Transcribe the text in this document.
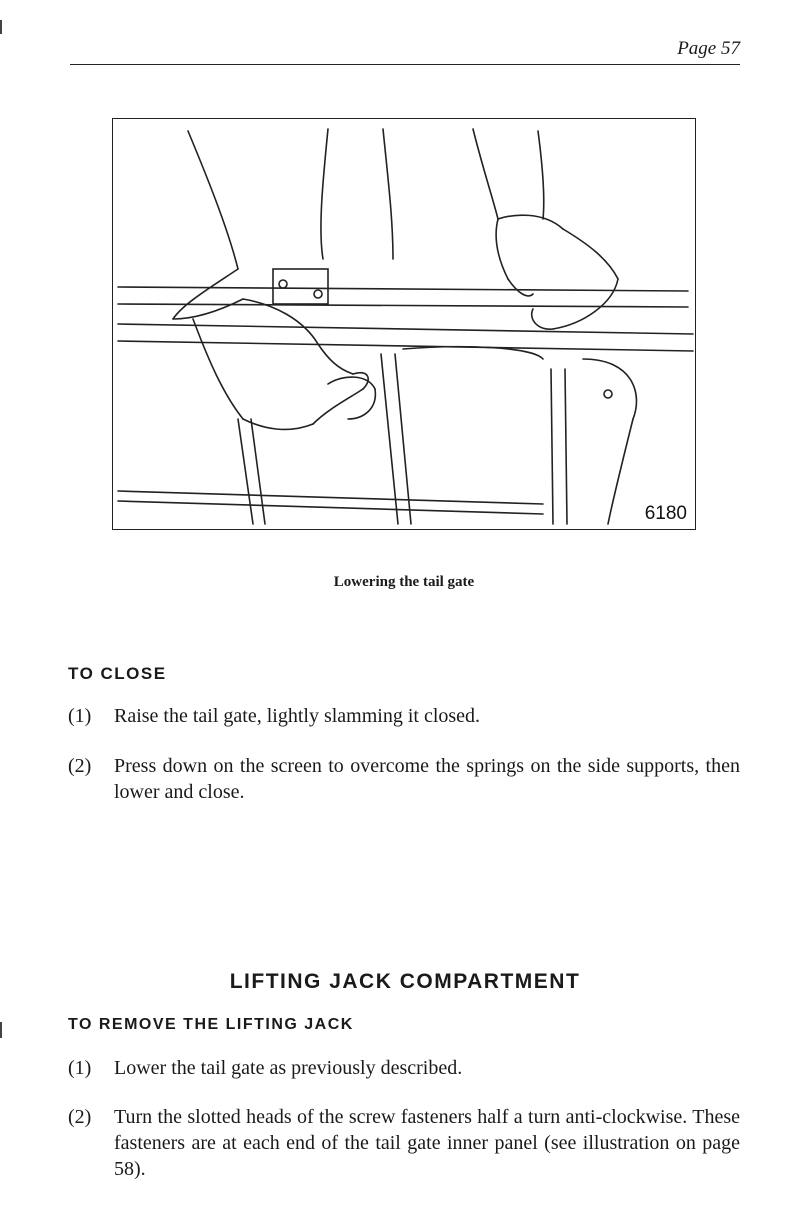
Page 57
6180
Lowering the tail gate
TO CLOSE
(1)	Raise the tail gate, lightly slamming it closed.
(2)	Press down on the screen to overcome the springs on the side supports, then lower and close.
LIFTING JACK COMPARTMENT
TO REMOVE THE LIFTING JACK
(1)	Lower the tail gate as previously described.
(2)	Turn the slotted heads of the screw fasteners half a turn anti-clockwise. These fasteners are at each end of the tail gate inner panel (see illustration on page 58).
